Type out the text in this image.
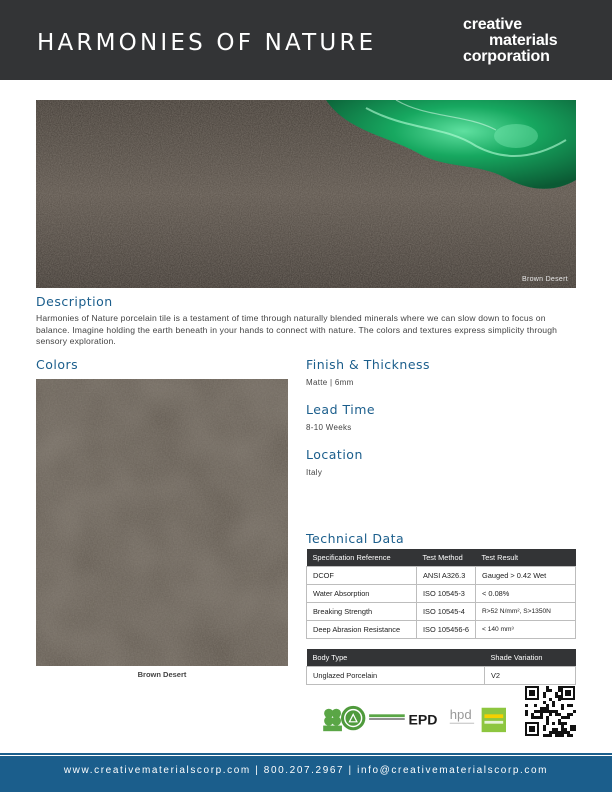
HARMONIES OF NATURE
creative
materials
corporation
Brown Desert
Description
Harmonies of Nature porcelain tile is a testament of time through naturally blended minerals where we can slow down to focus on balance. Imagine holding the earth beneath in your hands to connect with nature. The colors and textures express simplicity through sensory exploration.
Colors
Brown Desert
Finish & Thickness
Matte | 6mm
Lead Time
8-10 Weeks
Location
Italy
Technical Data
Specification Reference	Test Method	Test Result
DCOF	ANSI A326.3	Gauged > 0.42 Wet
Water Absorption	ISO 10545-3	< 0.08%
Breaking Strength	ISO 10545-4	R>52 N/mm², S>1350N
Deep Abrasion Resistance	ISO 105456-6	< 140 mm³
Body Type	Shade Variation
Unglazed Porcelain	V2
EPD hpd
www.creativematerialscorp.com | 800.207.2967 | info@creativematerialscorp.com
